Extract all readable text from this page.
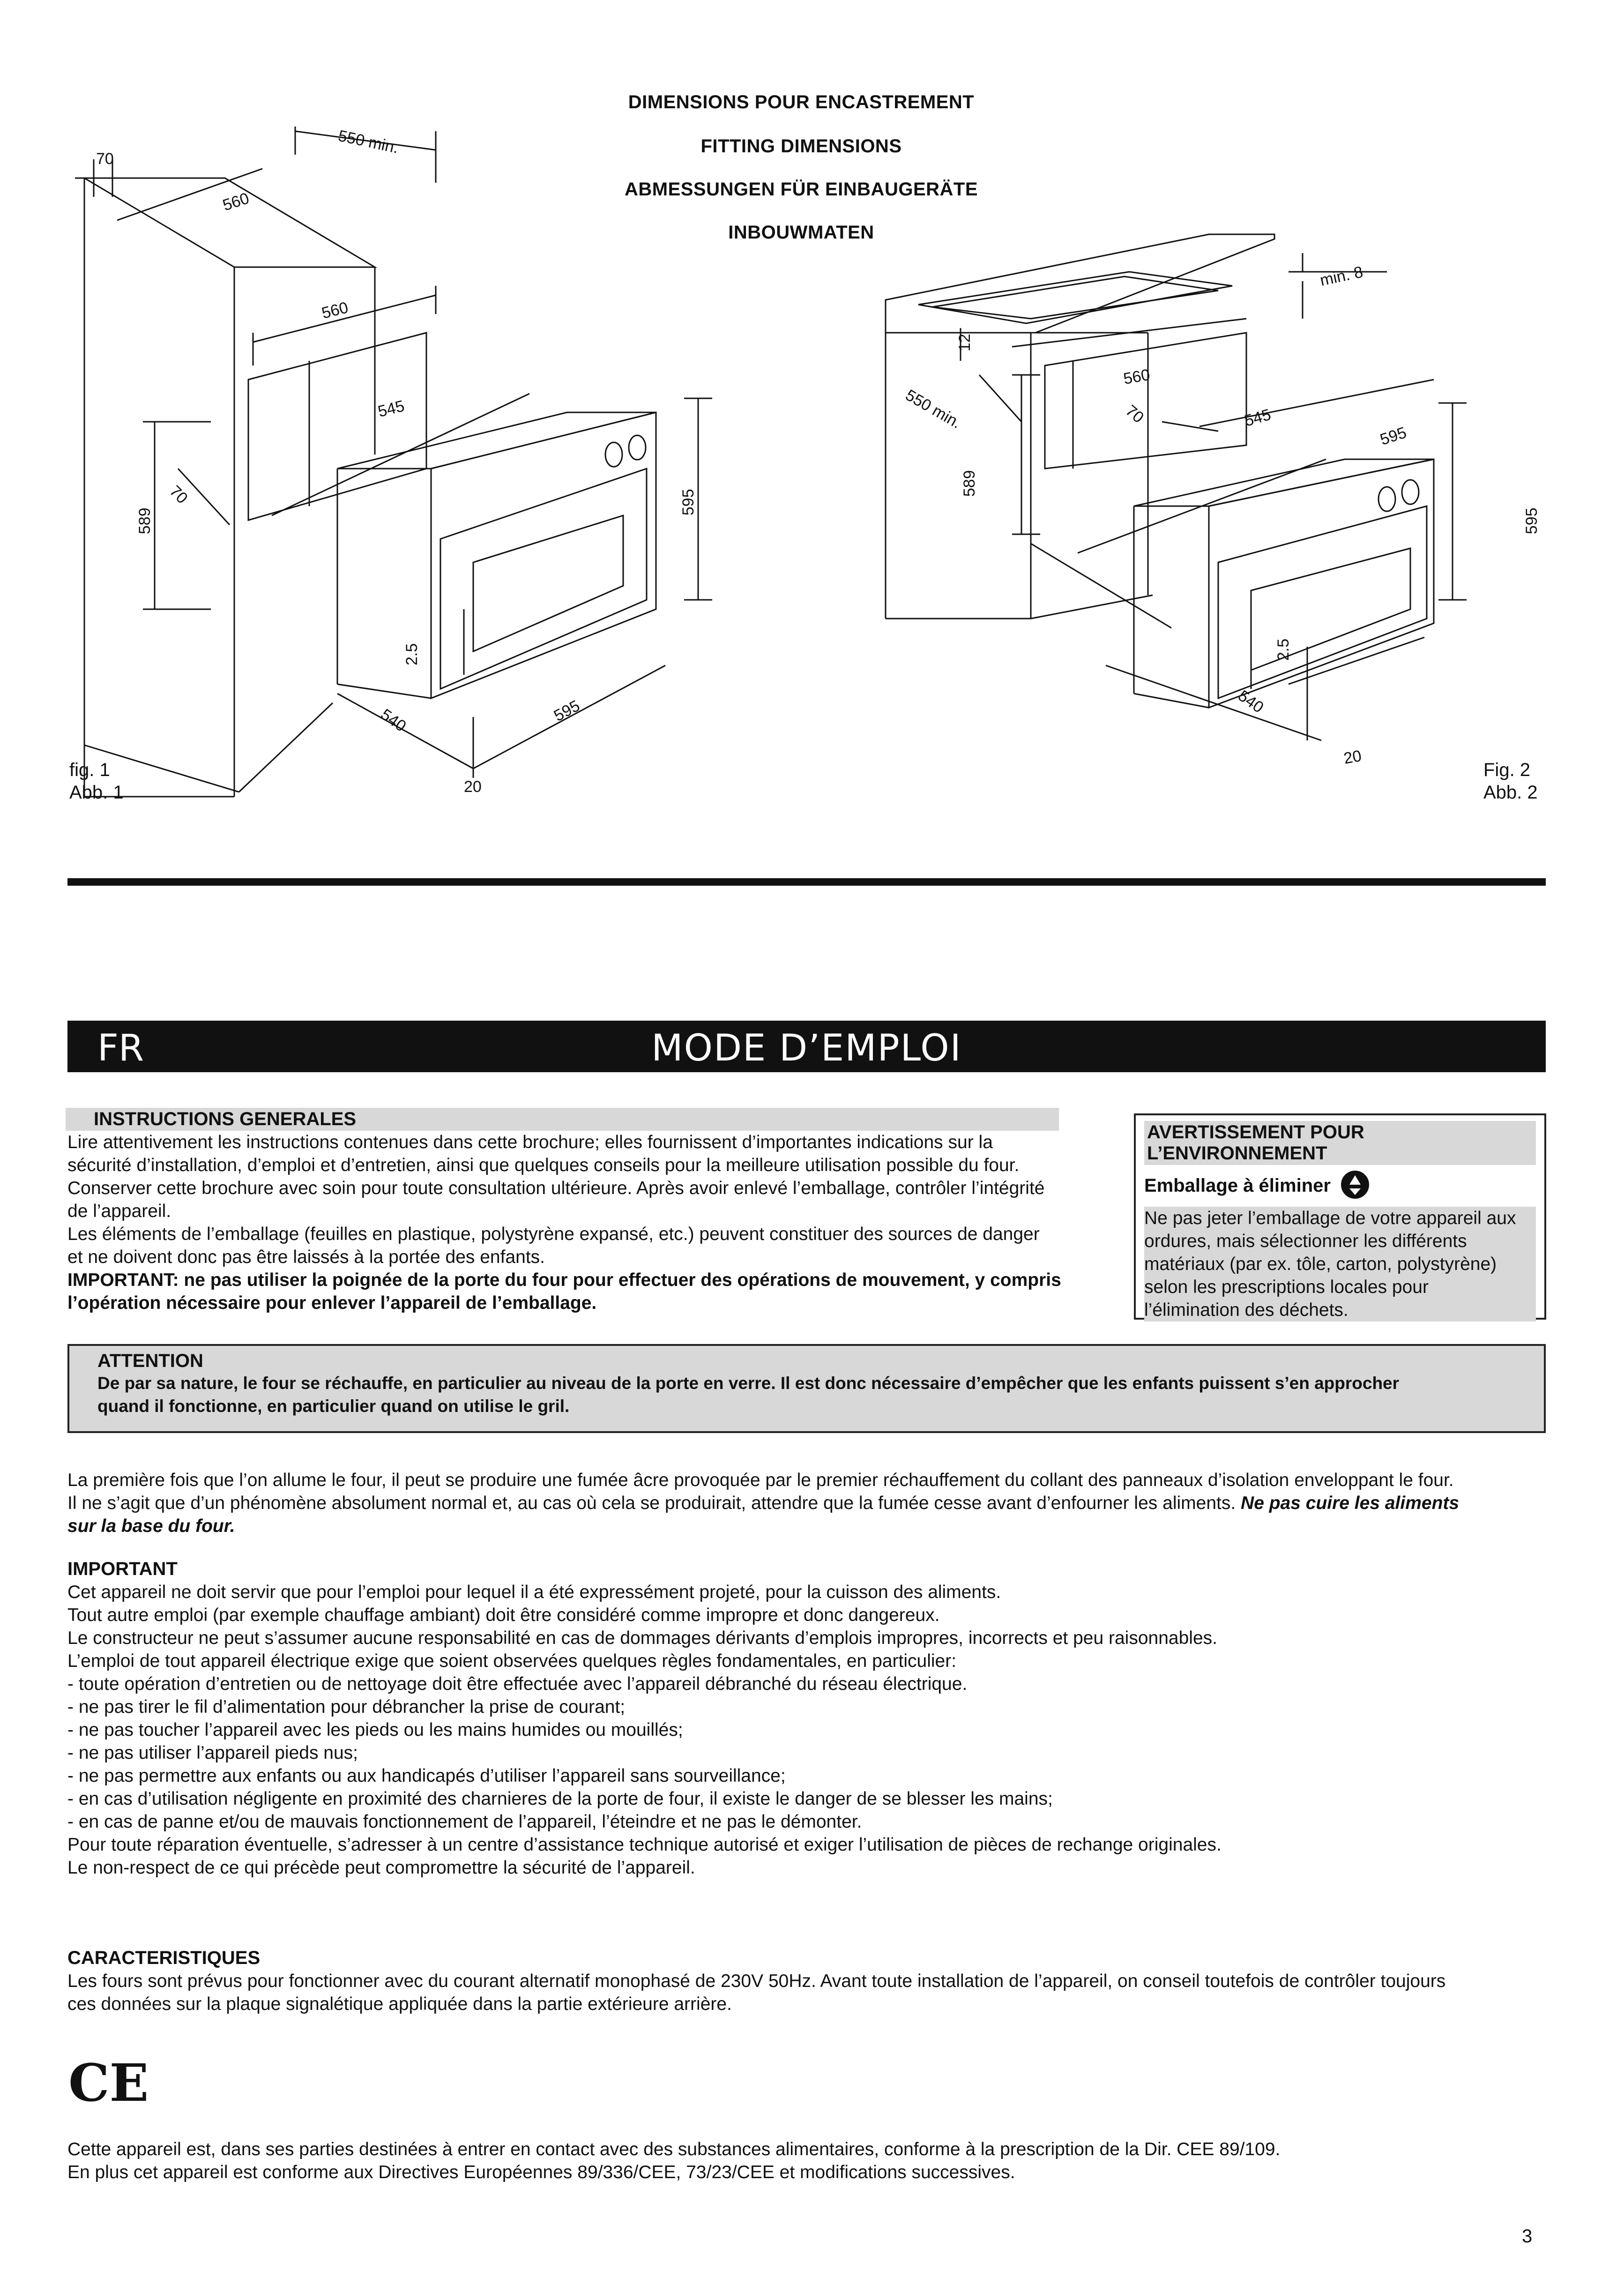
DIMENSIONS POUR ENCASTREMENT
FITTING DIMENSIONS
ABMESSUNGEN FÜR EINBAUGERÄTE
INBOUWMATEN
70
550 min.
560
560
545
70
589
595
2.5
540	595
20
fig. 1
Abb. 1
min. 8
12
560
550 min.	70	545
595
589
595
2.5
540
20
Fig. 2
Abb. 2
FR	MODE D’EMPLOI
INSTRUCTIONS GENERALES

Lire attentivement les instructions contenues dans cette brochure; elles fournissent d’importantes indications sur la

sécurité d’installation, d’emploi et d’entretien, ainsi que quelques conseils pour la meilleure utilisation possible du four.

Conserver cette brochure avec soin pour toute consultation ultérieure. Après avoir enlevé l’emballage, contrôler l’intégrité

de l’appareil.

Les éléments de l’emballage (feuilles en plastique, polystyrène expansé, etc.) peuvent constituer des sources de danger

et ne doivent donc pas être laissés à la portée des enfants.

IMPORTANT: ne pas utiliser la poignée de la porte du four pour effectuer des opérations de mouvement, y compris

l’opération nécessaire pour enlever l’appareil de l’emballage.

AVERTISSEMENT POUR L’ENVIRONNEMENT
Emballage à éliminer

Ne pas jeter l’emballage de votre appareil aux

ordures, mais sélectionner les différents

matériaux (par ex. tôle, carton, polystyrène)

selon les prescriptions locales pour

l’élimination des déchets.

ATTENTION

De par sa nature, le four se réchauffe, en particulier au niveau de la porte en verre. Il est donc nécessaire d’empêcher que les enfants puissent s’en approcher

quand il fonctionne, en particulier quand on utilise le gril.

La première fois que l’on allume le four, il peut se produire une fumée âcre provoquée par le premier réchauffement du collant des panneaux d’isolation enveloppant le four.

Il ne s’agit que d’un phénomène absolument normal et, au cas où cela se produirait, attendre que la fumée cesse avant d’enfourner les aliments. Ne pas cuire les aliments

sur la base du four.

IMPORTANT

Cet appareil ne doit servir que pour l’emploi pour lequel il a été expressément projeté, pour la cuisson des aliments.

Tout autre emploi (par exemple chauffage ambiant) doit être considéré comme impropre et donc dangereux.

Le constructeur ne peut s’assumer aucune responsabilité en cas de dommages dérivants d’emplois impropres, incorrects et peu raisonnables.

L’emploi de tout appareil électrique exige que soient observées quelques règles fondamentales, en particulier:

- toute opération d’entretien ou de nettoyage doit être effectuée avec l’appareil débranché du réseau électrique.

- ne pas tirer le fil d’alimentation pour débrancher la prise de courant;

- ne pas toucher l’appareil avec les pieds ou les mains humides ou mouillés;

- ne pas utiliser l’appareil pieds nus;

- ne pas permettre aux enfants ou aux handicapés d’utiliser l’appareil sans sourveillance;

- en cas d’utilisation négligente en proximité des charnieres de la porte de four, il existe le danger de se blesser les mains;

- en cas de panne et/ou de mauvais fonctionnement de l’appareil, l’éteindre et ne pas le démonter.

Pour toute réparation éventuelle, s’adresser à un centre d’assistance technique autorisé et exiger l’utilisation de pièces de rechange originales.

Le non-respect de ce qui précède peut compromettre la sécurité de l’appareil.

CARACTERISTIQUES

Les fours sont prévus pour fonctionner avec du courant alternatif monophasé de 230V 50Hz. Avant toute installation de l’appareil, on conseil toutefois de contrôler toujours

ces données sur la plaque signalétique appliquée dans la partie extérieure arrière.

CE

Cette appareil est, dans ses parties destinées à entrer en contact avec des substances alimentaires, conforme à la prescription de la Dir. CEE 89/109.

En plus cet appareil est conforme aux Directives Européennes 89/336/CEE, 73/23/CEE et modifications successives.

3
